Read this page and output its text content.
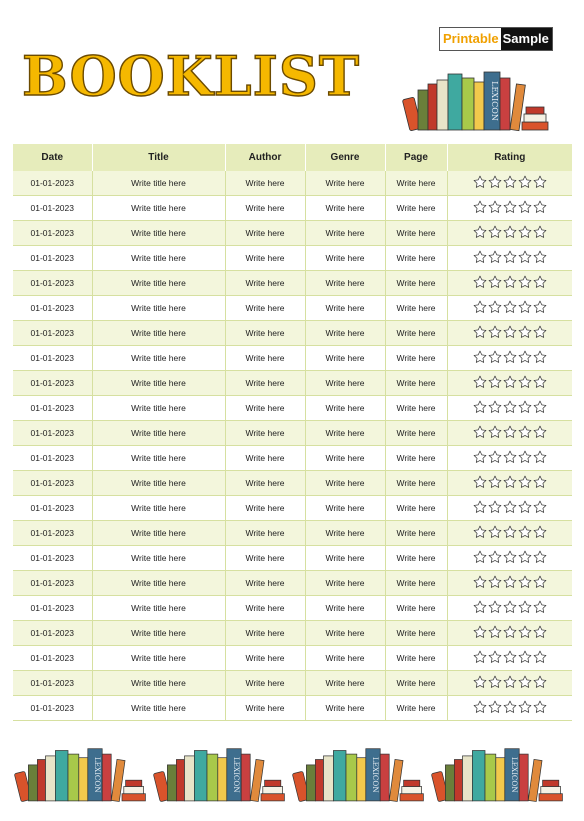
BOOKLIST
Printable Sample
LEXICON
Date	Title	Author	Genre	Page	Rating
01-01-2023	Write title here	Write here	Write here	Write here	

01-01-2023	Write title here	Write here	Write here	Write here	

01-01-2023	Write title here	Write here	Write here	Write here	

01-01-2023	Write title here	Write here	Write here	Write here	

01-01-2023	Write title here	Write here	Write here	Write here	

01-01-2023	Write title here	Write here	Write here	Write here	

01-01-2023	Write title here	Write here	Write here	Write here	

01-01-2023	Write title here	Write here	Write here	Write here	

01-01-2023	Write title here	Write here	Write here	Write here	

01-01-2023	Write title here	Write here	Write here	Write here	

01-01-2023	Write title here	Write here	Write here	Write here	

01-01-2023	Write title here	Write here	Write here	Write here	

01-01-2023	Write title here	Write here	Write here	Write here	

01-01-2023	Write title here	Write here	Write here	Write here	

01-01-2023	Write title here	Write here	Write here	Write here	

01-01-2023	Write title here	Write here	Write here	Write here	

01-01-2023	Write title here	Write here	Write here	Write here	

01-01-2023	Write title here	Write here	Write here	Write here	

01-01-2023	Write title here	Write here	Write here	Write here	

01-01-2023	Write title here	Write here	Write here	Write here	

01-01-2023	Write title here	Write here	Write here	Write here	

01-01-2023	Write title here	Write here	Write here	Write here	
LEXICON	LEXICON	LEXICON	LEXICON
